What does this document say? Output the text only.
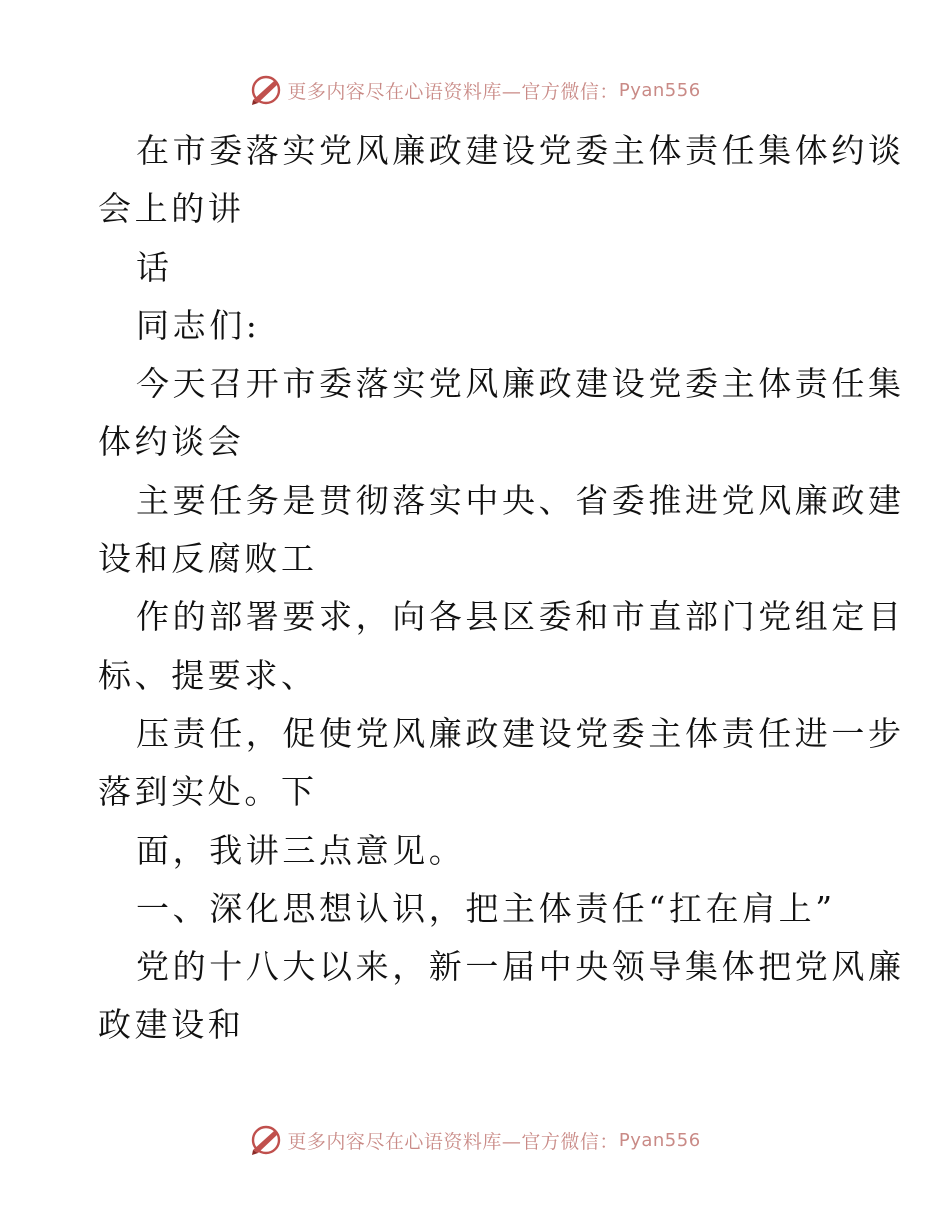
更多内容尽在心语资料库—官方微信： Pyan556
在市委落实党风廉政建设党委主体责任集体约谈
会上的讲
话
同志们:
今天召开市委落实党风廉政建设党委主体责任集
体约谈会
主要任务是贯彻落实中央、省委推进党风廉政建
设和反腐败工
作的部署要求，向各县区委和市直部门党组定目
标、提要求、
压责任，促使党风廉政建设党委主体责任进一步
落到实处。下
面，我讲三点意见。
一、深化思想认识，把主体责任“扛在肩上”
党的十八大以来，新一届中央领导集体把党风廉
政建设和
更多内容尽在心语资料库—官方微信： Pyan556
